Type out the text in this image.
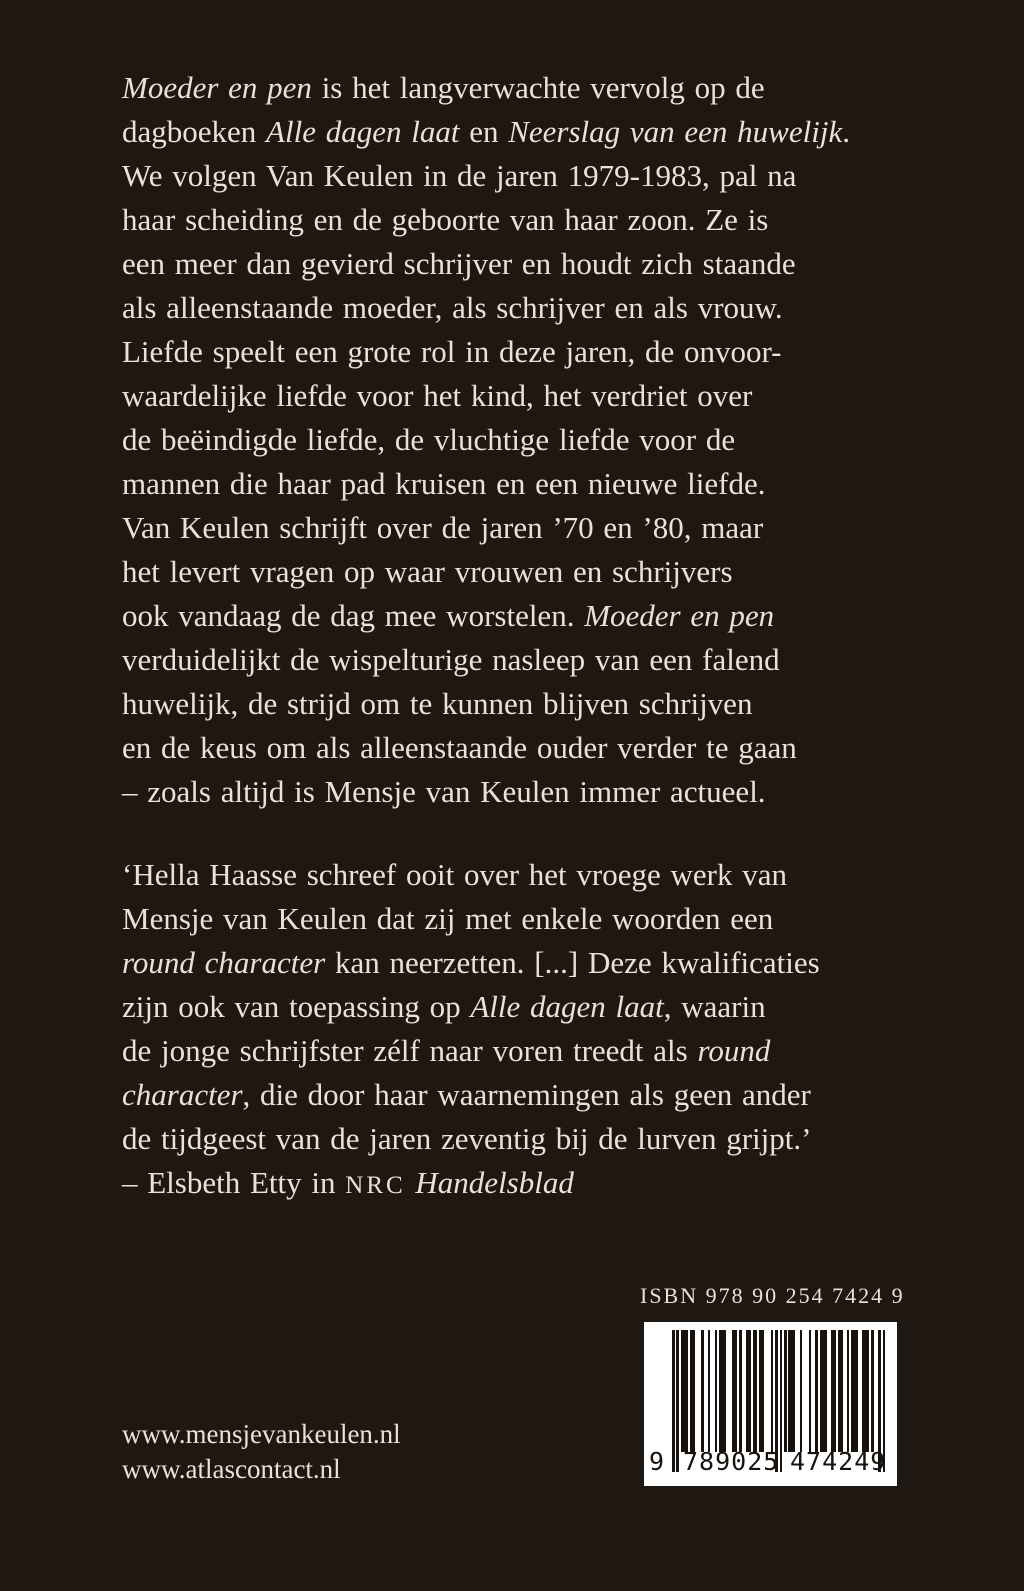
Moeder en pen is het langverwachte vervolg op de
dagboeken Alle dagen laat en Neerslag van een huwelijk.
We volgen Van Keulen in de jaren 1979-1983, pal na
haar scheiding en de geboorte van haar zoon. Ze is
een meer dan gevierd schrijver en houdt zich staande
als alleenstaande moeder, als schrijver en als vrouw.
Liefde speelt een grote rol in deze jaren, de onvoor-
waardelijke liefde voor het kind, het verdriet over
de beëindigde liefde, de vluchtige liefde voor de
mannen die haar pad kruisen en een nieuwe liefde.
Van Keulen schrijft over de jaren ’70 en ’80, maar
het levert vragen op waar vrouwen en schrijvers
ook vandaag de dag mee worstelen. Moeder en pen
verduidelijkt de wispelturige nasleep van een falend
huwelijk, de strijd om te kunnen blijven schrijven
en de keus om als alleenstaande ouder verder te gaan
– zoals altijd is Mensje van Keulen immer actueel.
‘Hella Haasse schreef ooit over het vroege werk van
Mensje van Keulen dat zij met enkele woorden een
round character kan neerzetten. [...] Deze kwalificaties
zijn ook van toepassing op Alle dagen laat, waarin
de jonge schrijfster zélf naar voren treedt als round
character, die door haar waarnemingen als geen ander
de tijdgeest van de jaren zeventig bij de lurven grijpt.’
– Elsbeth Etty in NRC Handelsblad
ISBN 978 90 254 7424 9
9 789025 474249
www.mensjevankeulen.nl
www.atlascontact.nl
